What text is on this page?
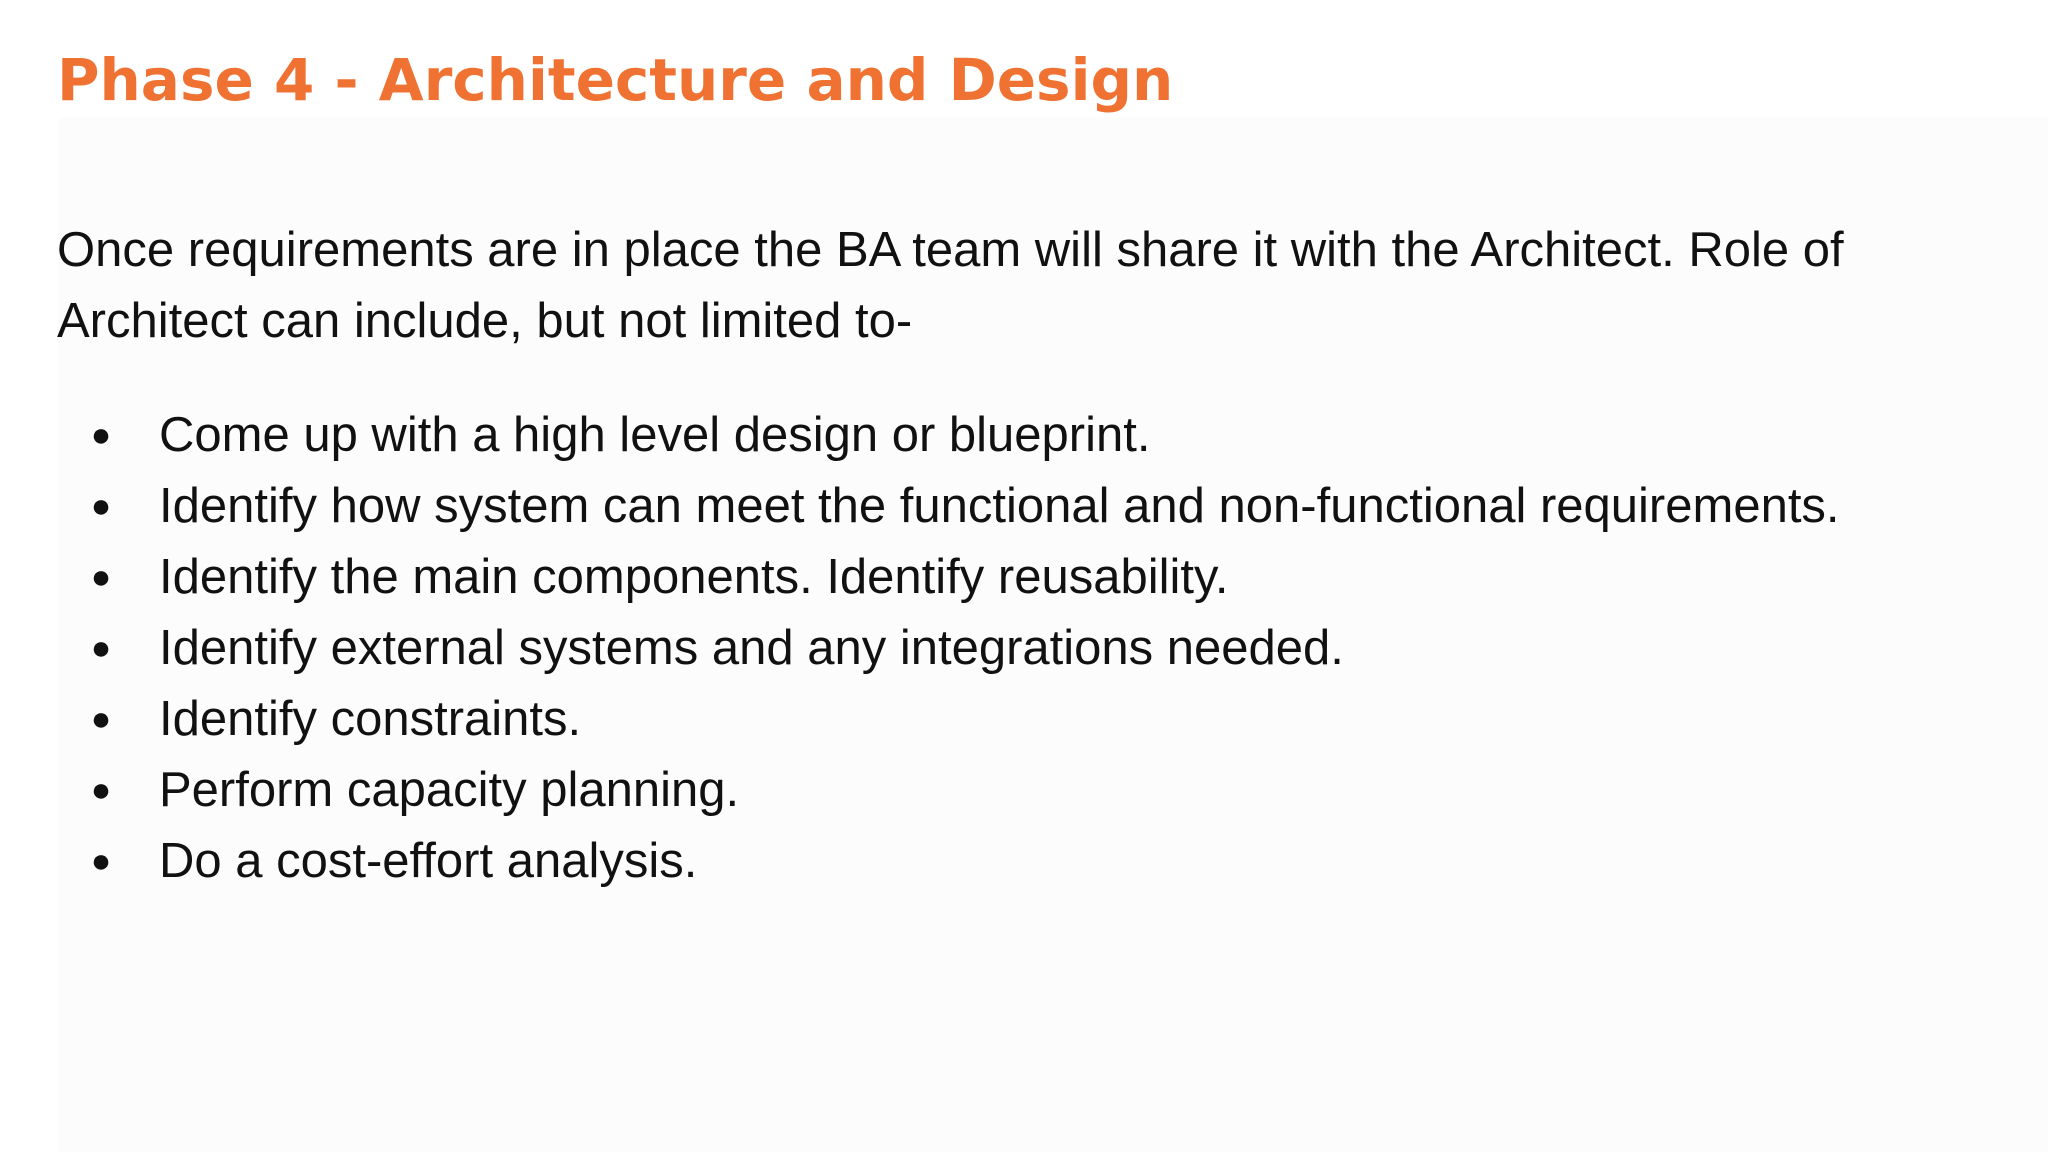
Phase 4 - Architecture and Design

Once requirements are in place the BA team will share it with the Architect. Role of Architect can include, but not limited to-

● Come up with a high level design or blueprint.
● Identify how system can meet the functional and non-functional requirements.
● Identify the main components. Identify reusability.
● Identify external systems and any integrations needed.
● Identify constraints.
● Perform capacity planning.
● Do a cost-effort analysis.
